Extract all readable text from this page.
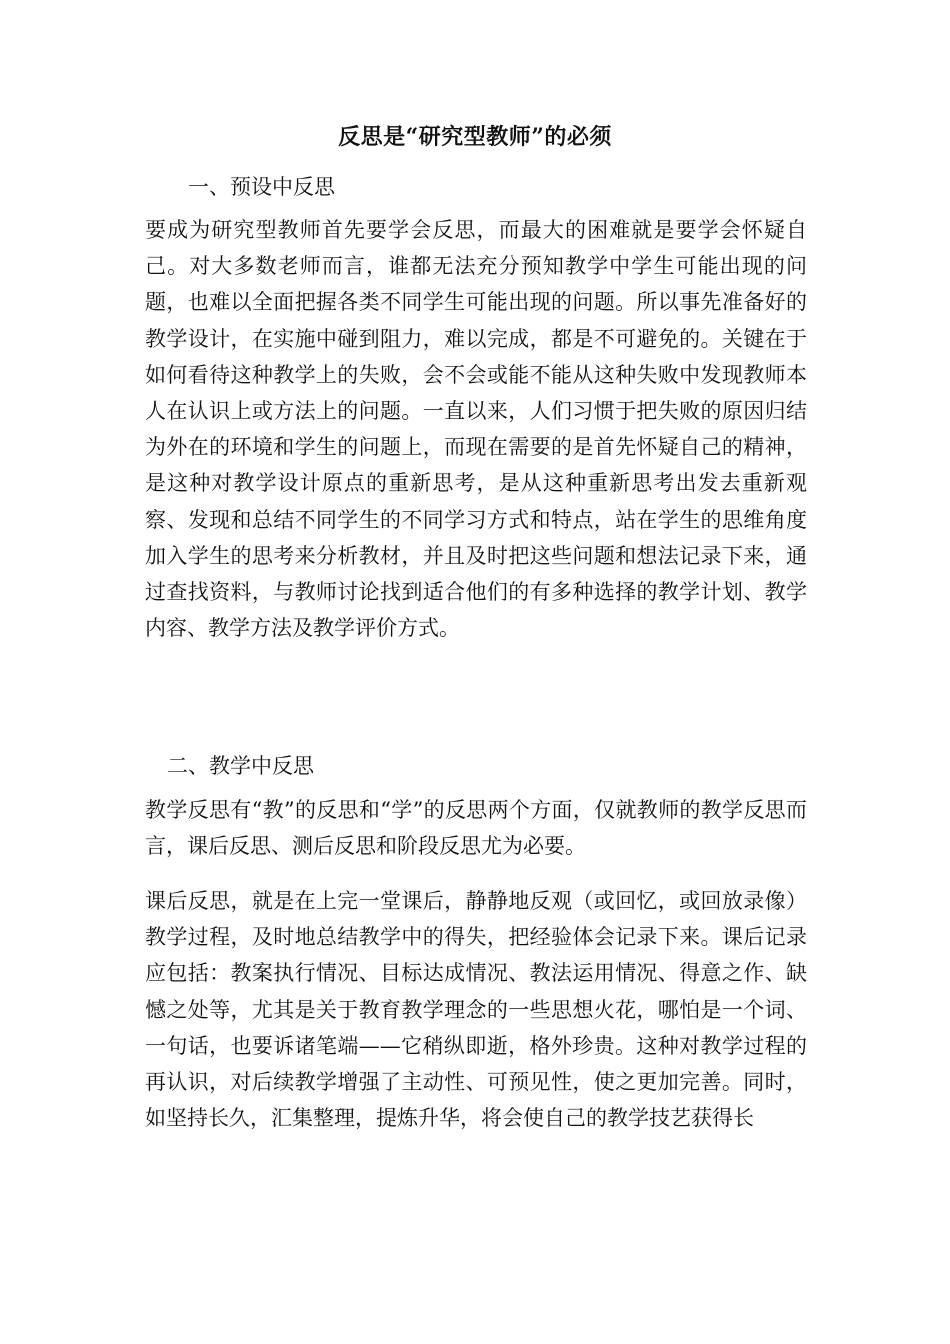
反思是“研究型教师”的必须
一、预设中反思

要成为研究型教师首先要学会反思，而最大的困难就是要学会怀疑自己。对大多数老师而言，谁都无法充分预知教学中学生可能出现的问题，也难以全面把握各类不同学生可能出现的问题。所以事先准备好的教学设计，在实施中碰到阻力，难以完成，都是不可避免的。关键在于如何看待这种教学上的失败，会不会或能不能从这种失败中发现教师本人在认识上或方法上的问题。一直以来，人们习惯于把失败的原因归结为外在的环境和学生的问题上，而现在需要的是首先怀疑自己的精神，是这种对教学设计原点的重新思考，是从这种重新思考出发去重新观察、发现和总结不同学生的不同学习方式和特点，站在学生的思维角度加入学生的思考来分析教材，并且及时把这些问题和想法记录下来，通过查找资料，与教师讨论找到适合他们的有多种选择的教学计划、教学内容、教学方法及教学评价方式。

二、教学中反思

教学反思有“教”的反思和“学”的反思两个方面，仅就教师的教学反思而言，课后反思、测后反思和阶段反思尤为必要。

课后反思，就是在上完一堂课后，静静地反观（或回忆，或回放录像）教学过程，及时地总结教学中的得失，把经验体会记录下来。课后记录应包括：教案执行情况、目标达成情况、教法运用情况、得意之作、缺憾之处等，尤其是关于教育教学理念的一些思想火花，哪怕是一个词、一句话，也要诉诸笔端——它稍纵即逝，格外珍贵。这种对教学过程的再认识，对后续教学增强了主动性、可预见性，使之更加完善。同时，如坚持长久，汇集整理，提炼升华，将会使自己的教学技艺获得长
